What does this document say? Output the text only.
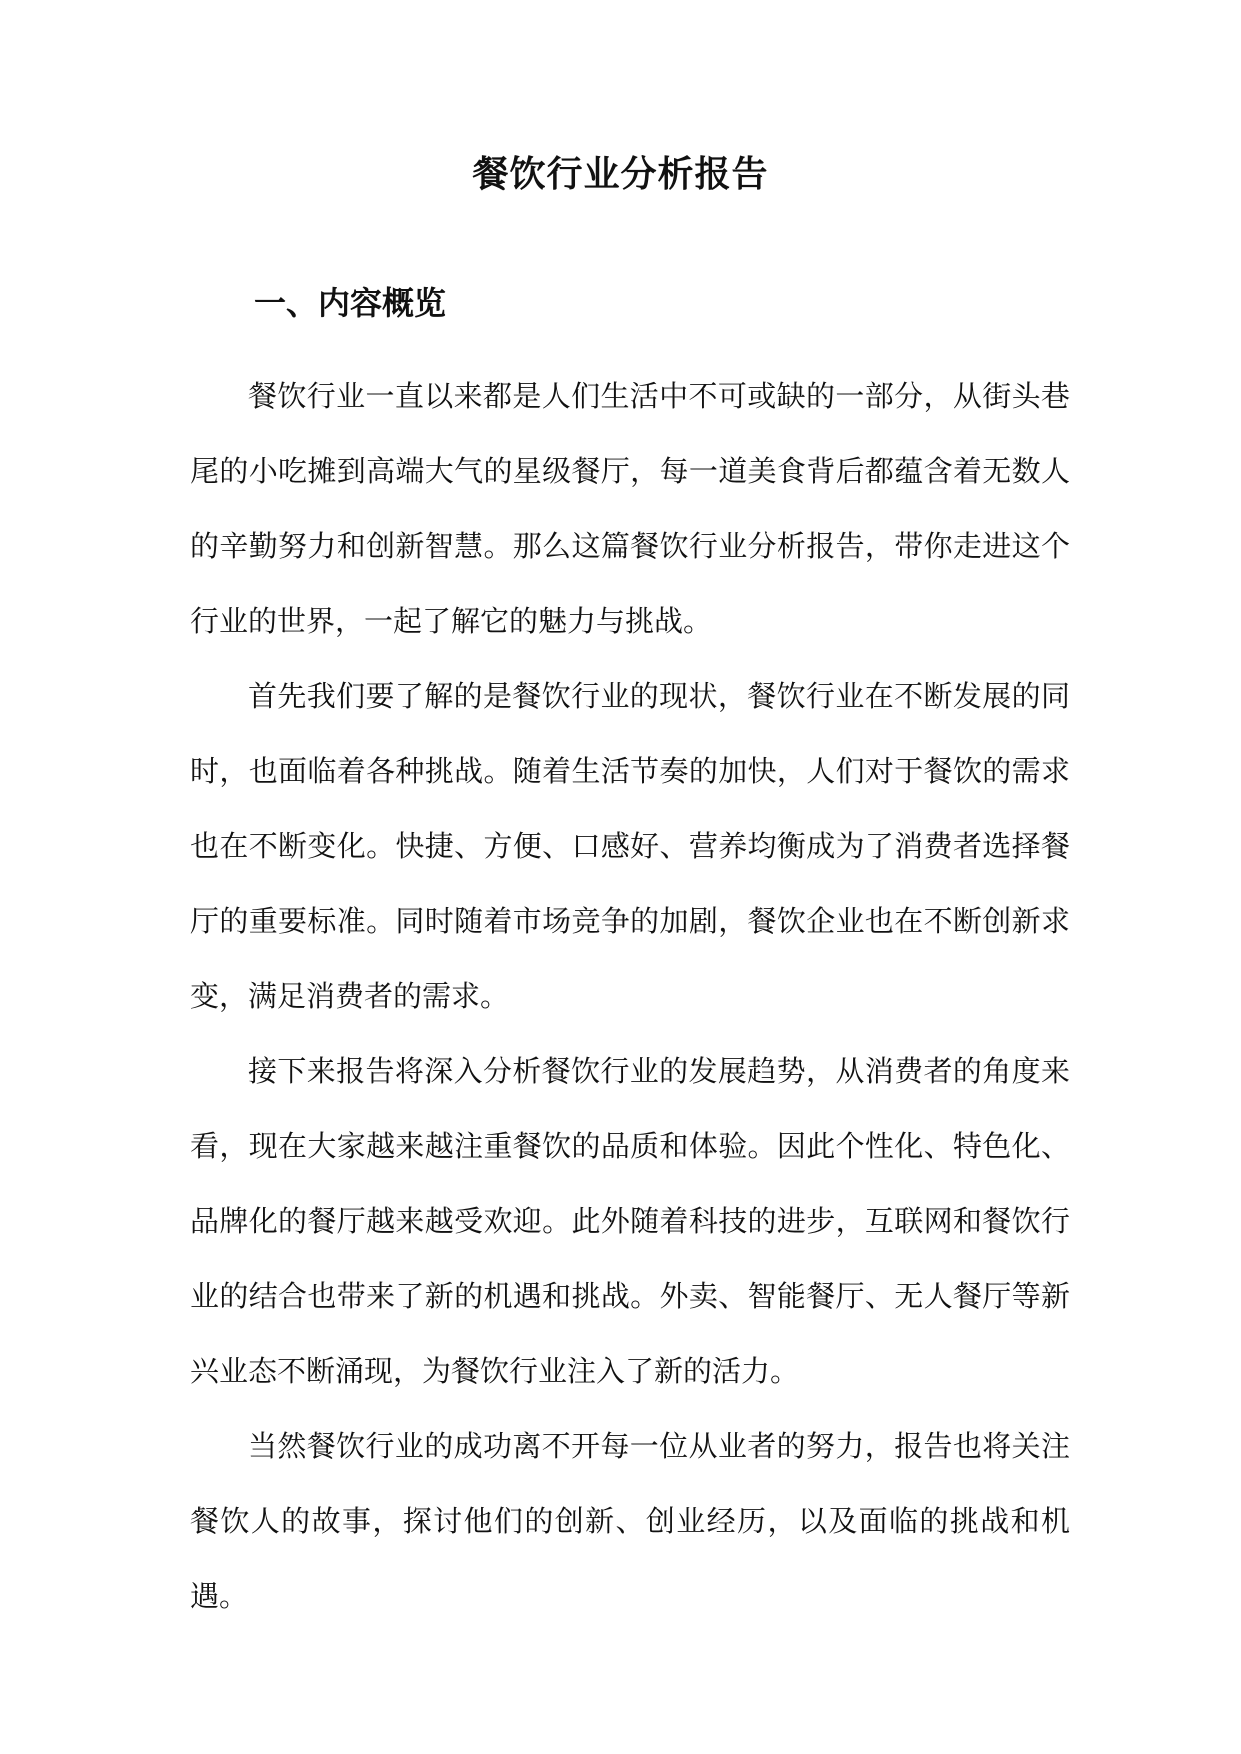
餐饮行业分析报告
一、内容概览

餐饮行业一直以来都是人们生活中不可或缺的一部分，从街头巷尾的小吃摊到高端大气的星级餐厅，每一道美食背后都蕴含着无数人的辛勤努力和创新智慧。那么这篇餐饮行业分析报告，带你走进这个行业的世界，一起了解它的魅力与挑战。

首先我们要了解的是餐饮行业的现状，餐饮行业在不断发展的同时，也面临着各种挑战。随着生活节奏的加快，人们对于餐饮的需求也在不断变化。快捷、方便、口感好、营养均衡成为了消费者选择餐厅的重要标准。同时随着市场竞争的加剧，餐饮企业也在不断创新求变，满足消费者的需求。

接下来报告将深入分析餐饮行业的发展趋势，从消费者的角度来看，现在大家越来越注重餐饮的品质和体验。因此个性化、特色化、品牌化的餐厅越来越受欢迎。此外随着科技的进步，互联网和餐饮行业的结合也带来了新的机遇和挑战。外卖、智能餐厅、无人餐厅等新兴业态不断涌现，为餐饮行业注入了新的活力。

当然餐饮行业的成功离不开每一位从业者的努力，报告也将关注餐饮人的故事，探讨他们的创新、创业经历，以及面临的挑战和机遇。
